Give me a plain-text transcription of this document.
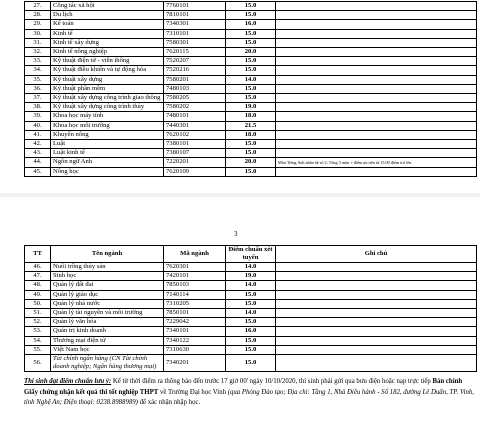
27.	Công tác xã hội	7760101	15.0	
28.	Du lịch	7810101	15.0	
29.	Kế toán	7340301	16.0	
30.	Kinh tế	7310101	15.0	
31.	Kinh tế xây dựng	7580301	15.0	
32.	Kinh tế nông nghiệp	7620115	20.0	
33.	Kỹ thuật điện tử - viễn thông	7520207	15.0	
34.	Kỹ thuật điều khiển và tự động hóa	7520216	15.0	
35.	Kỹ thuật xây dựng	7580201	14.0	
36.	Kỹ thuật phần mềm	7480103	15.0	
37.	Kỹ thuật xây dựng công trình giao thông	7580205	15.0	
38.	Kỹ thuật xây dựng công trình thủy	7580202	19.0	
39.	Khoa học máy tính	7480101	18.0	
40.	Khoa học môi trường	7440301	21.5	
41.	Khuyến nông	7620102	18.0	
42.	Luật	7380101	15.0	
43.	Luật kinh tế	7380107	15.0	
44.	Ngôn ngữ Anh	7220201	20.0	Môn Tiếng Anh nhân hệ số 2; Tổng 3 môn + điểm ưu tiên từ 15.00 điểm trở lên.
45.	Nông học	7620109	15.0	
3
TT	Tên ngành	Mã ngành	Điểm chuẩn xét tuyển	Ghi chú
46.	Nuôi trồng thủy sản	7620301	14.0	
47.	Sinh học	7420101	19.0	
48.	Quản lý đất đai	7850103	14.0	
49.	Quản lý giáo dục	7140114	15.0	
50.	Quản lý nhà nước	7310205	15.0	
51.	Quản lý tài nguyên và môi trường	7850101	14.0	
52.	Quản lý văn hóa	7229042	15.0	
53.	Quản trị kinh doanh	7340101	16.0	
54.	Thương mại điện tử	7340122	15.0	
55.	Việt Nam học	7310630	15.0	
56.	Tài chính ngân hàng (CN Tài chính doanh nghiệp; Ngân hàng thương mại)	7340201	15.0	
Thí sinh đạt điểm chuẩn lưu ý: Kể từ thời điểm ra thông báo đến trước 17 giờ 00' ngày 10/10/2020, thí sinh phải gửi qua bưu điện hoặc nạp trực tiếp Bản chính Giấy chứng nhận kết quả thi tốt nghiệp THPT về Trường Đại học Vinh (qua Phòng Đào tạo; Địa chỉ: Tầng 1, Nhà Điều hành - Số 182, đường Lê Duẩn, TP. Vinh, tỉnh Nghệ An; Điện thoại: 0238.8988989) để xác nhận nhập học.
